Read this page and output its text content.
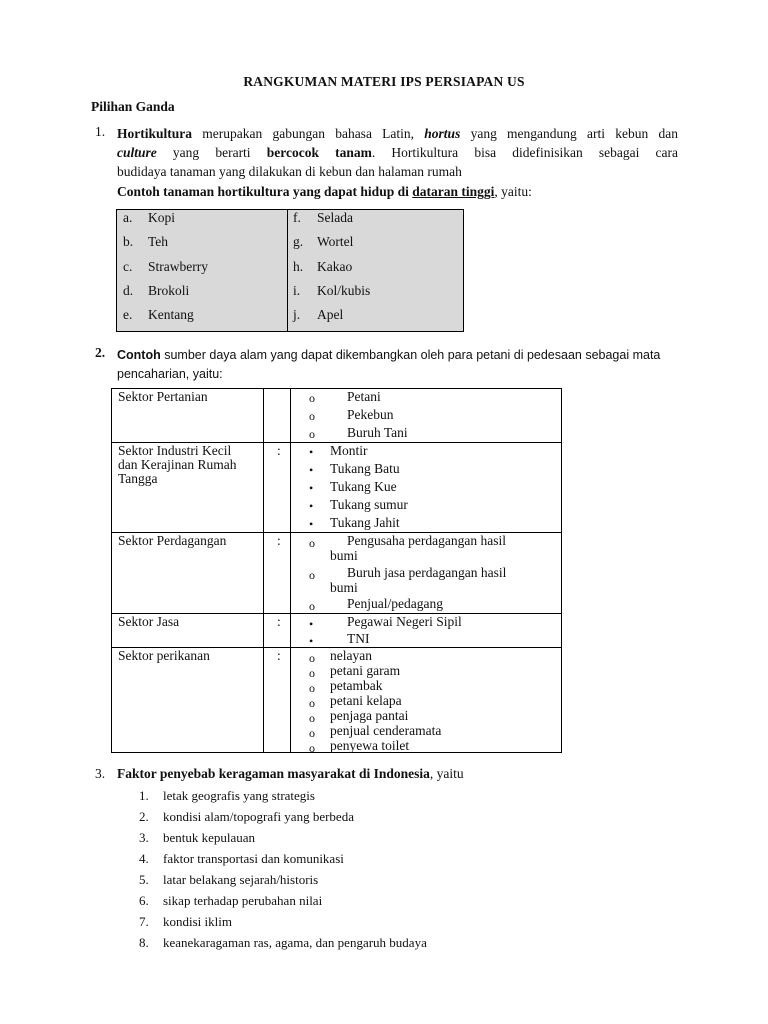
RANGKUMAN MATERI IPS PERSIAPAN US
Pilihan Ganda
1. Hortikultura merupakan gabungan bahasa Latin, hortus yang mengandung arti kebun dan
culture yang berarti bercocok tanam. Hortikultura bisa didefinisikan sebagai cara
budidaya tanaman yang dilakukan di kebun dan halaman rumah
Contoh tanaman hortikultura yang dapat hidup di dataran tinggi, yaitu:
a. Kopi
b. Teh
c. Strawberry
d. Brokoli
e. Kentang
f. Selada
g. Wortel
h. Kakao
i. Kol/kubis
j. Apel
2. Contoh sumber daya alam yang dapat dikembangkan oleh para petani di pedesaan sebagai mata
pencaharian, yaitu:
Sektor Pertanian	o Petani
o Pekebun
o Buruh Tani
Sektor Industri Kecil
dan Kerajinan Rumah
Tangga
: • Montir
• Tukang Batu
• Tukang Kue
• Tukang sumur
• Tukang Jahit
Sektor Perdagangan	: o Pengusaha perdagangan hasil
bumi
o Buruh jasa perdagangan hasil
bumi
o Penjual/pedagang
Sektor Jasa	: •	Pegawai Negeri Sipil
•	TNI
Sektor perikanan	: o nelayan
o petani garam
o petambak
o petani kelapa
o penjaga pantai
o penjual cenderamata
o penyewa toilet
3. Faktor penyebab keragaman masyarakat di Indonesia, yaitu
1. letak geografis yang strategis
2. kondisi alam/topografi yang berbeda
3. bentuk kepulauan
4. faktor transportasi dan komunikasi
5. latar belakang sejarah/historis
6. sikap terhadap perubahan nilai
7. kondisi iklim
8. keanekaragaman ras, agama, dan pengaruh budaya
